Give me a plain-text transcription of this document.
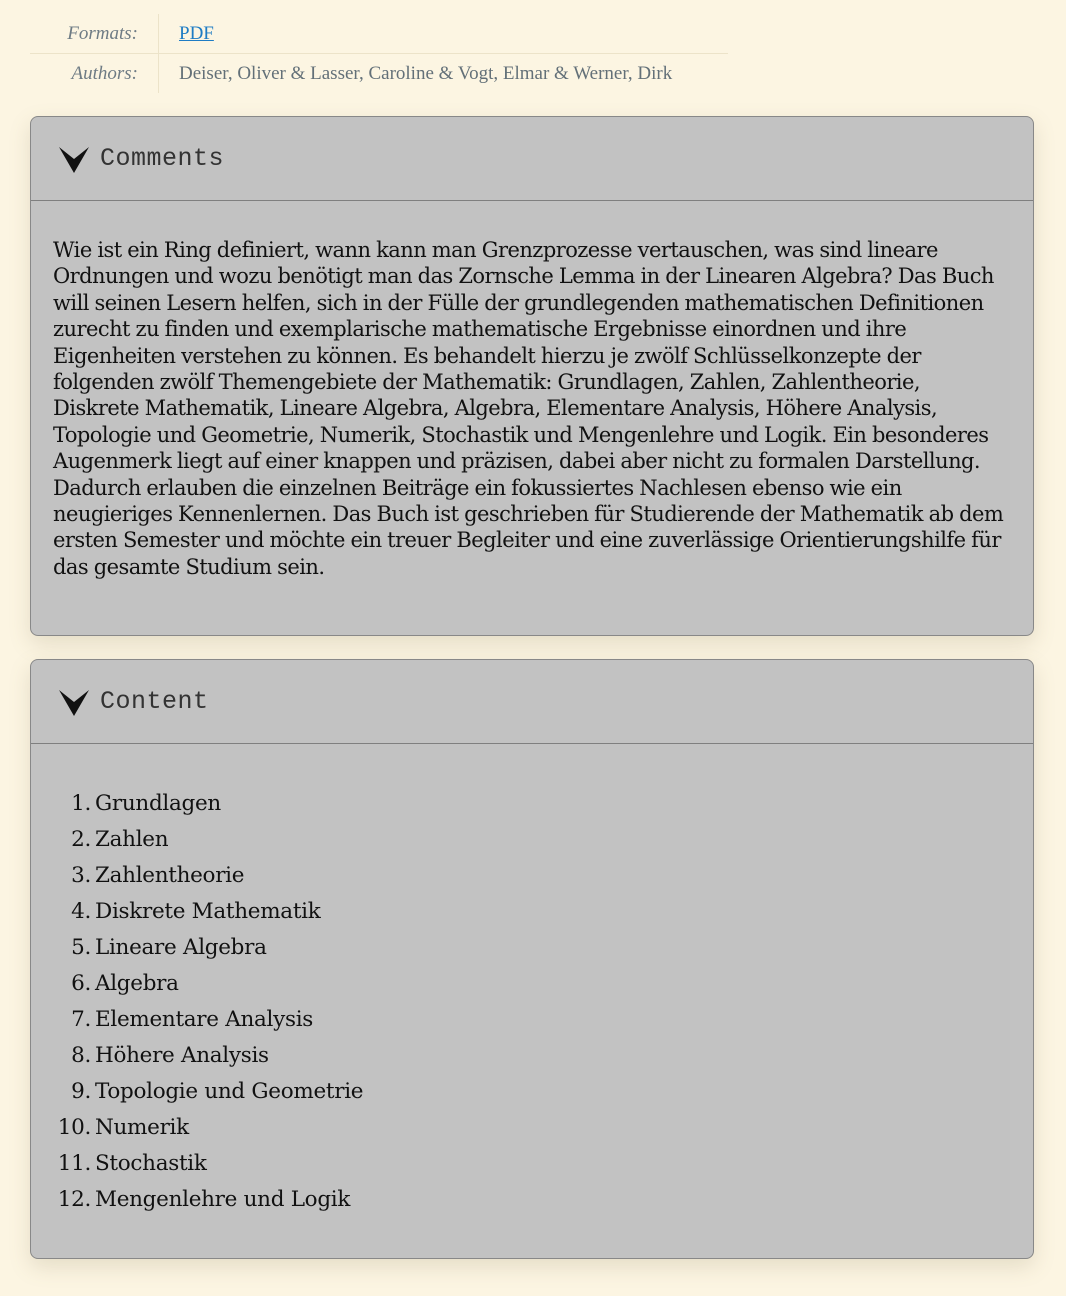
Formats:	PDF
Authors:	Deiser, Oliver & Lasser, Caroline & Vogt, Elmar & Werner, Dirk
Comments

Wie ist ein Ring definiert, wann kann man Grenzprozesse vertauschen, was sind lineare Ordnungen und wozu benötigt man das Zornsche Lemma in der Linearen Algebra? Das Buch will seinen Lesern helfen, sich in der Fülle der grundlegenden mathematischen Definitionen zurecht zu finden und exemplarische mathematische Ergebnisse einordnen und ihre Eigenheiten verstehen zu können. Es behandelt hierzu je zwölf Schlüsselkonzepte der folgenden zwölf Themengebiete der Mathematik: Grundlagen, Zahlen, Zahlentheorie, Diskrete Mathematik, Lineare Algebra, Algebra, Elementare Analysis, Höhere Analysis, Topologie und Geometrie, Numerik, Stochastik und Mengenlehre und Logik. Ein besonderes Augenmerk liegt auf einer knappen und präzisen, dabei aber nicht zu formalen Darstellung. Dadurch erlauben die einzelnen Beiträge ein fokussiertes Nachlesen ebenso wie ein neugieriges Kennenlernen. Das Buch ist geschrieben für Studierende der Mathematik ab dem ersten Semester und möchte ein treuer Begleiter und eine zuverlässige Orientierungshilfe für das gesamte Studium sein.

Content
1. Grundlagen
2. Zahlen
3. Zahlentheorie
4. Diskrete Mathematik
5. Lineare Algebra
6. Algebra
7. Elementare Analysis
8. Höhere Analysis
9. Topologie und Geometrie
10. Numerik
11. Stochastik
12. Mengenlehre und Logik
